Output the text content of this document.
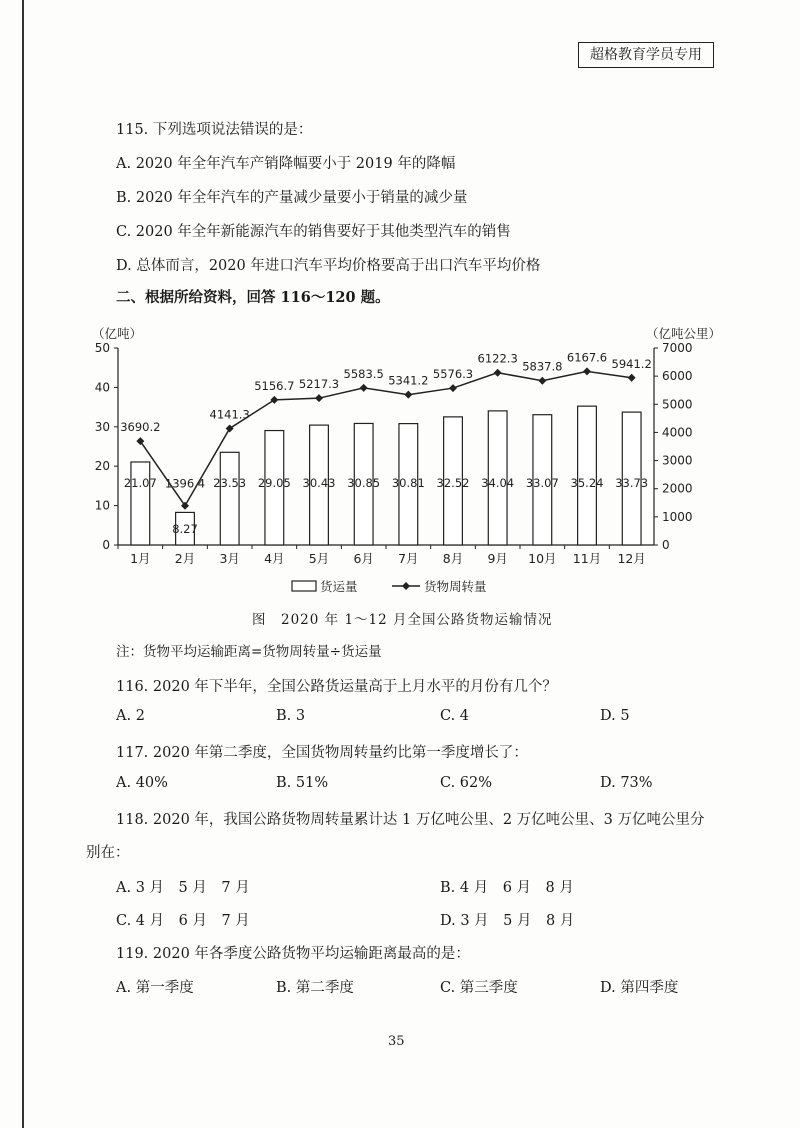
超格教育学员专用
115. 下列选项说法错误的是：
A. 2020 年全年汽车产销降幅要小于 2019 年的降幅
B. 2020 年全年汽车的产量减少量要小于销量的减少量
C. 2020 年全年新能源汽车的销售要好于其他类型汽车的销售
D. 总体而言，2020 年进口汽车平均价格要高于出口汽车平均价格
二、根据所给资料，回答 116～120 题。
0
10
20
30
40
50
0
1000
2000
3000
4000
5000
6000
7000
（亿吨）	（亿吨公里）
1月 2月 3月 4月 5月 6月 7月 8月 9月 10月 11月 12月
21.07
8.27
23.53 29.05 30.43 30.85 30.81 32.52 34.04 33.07 35.24 33.73
3690.2
1396.4
4141.3
5156.7 5217.3
5583.5 5341.2 5576.3
6122.3
5837.8
6167.6 5941.2
货运量	货物周转量
图　2020 年 1～12 月全国公路货物运输情况
注：货物平均运输距离=货物周转量÷货运量
116. 2020 年下半年，全国公路货运量高于上月水平的月份有几个？
A. 2	B. 3	C. 4	D. 5
117. 2020 年第二季度，全国货物周转量约比第一季度增长了：
A. 40%	B. 51%	C. 62%	D. 73%
118. 2020 年，我国公路货物周转量累计达 1 万亿吨公里、2 万亿吨公里、3 万亿吨公里分
别在：
A. 3 月　5 月　7 月	B. 4 月　6 月　8 月
C. 4 月　6 月　7 月	D. 3 月　5 月　8 月
119. 2020 年各季度公路货物平均运输距离最高的是：
A. 第一季度	B. 第二季度	C. 第三季度	D. 第四季度
35
